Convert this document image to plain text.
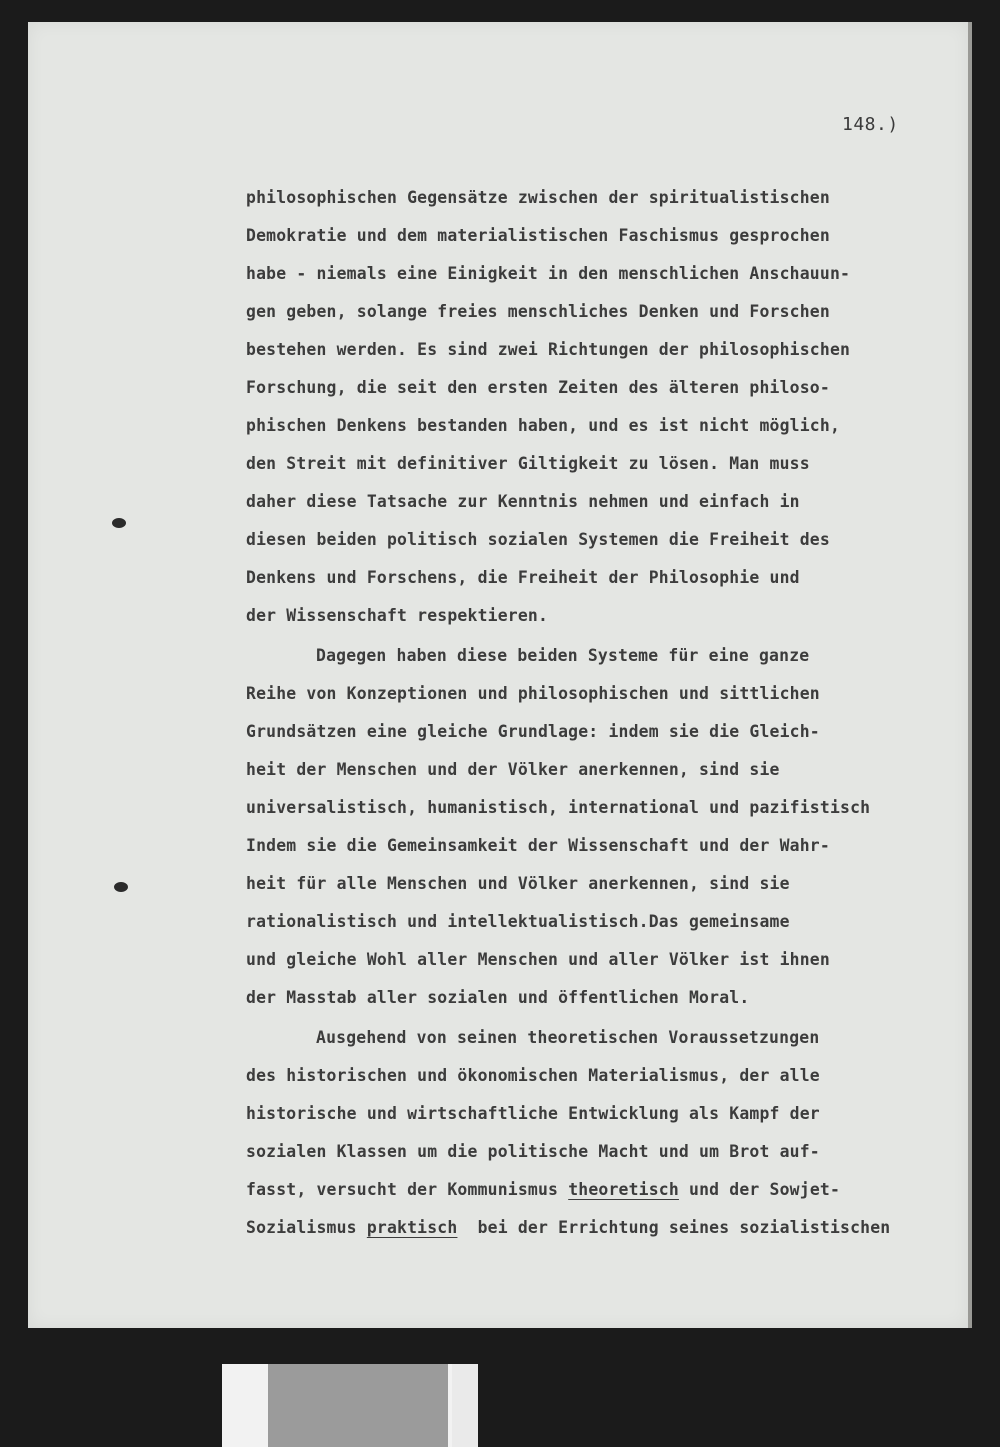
148.)
philosophischen Gegensätze zwischen der spiritualistischen
Demokratie und dem materialistischen Faschismus gesprochen
habe - niemals eine Einigkeit in den menschlichen Anschauun-
gen geben, solange freies menschliches Denken und Forschen
bestehen werden. Es sind zwei Richtungen der philosophischen
Forschung, die seit den ersten Zeiten des älteren philoso-
phischen Denkens bestanden haben, und es ist nicht möglich,
den Streit mit definitiver Giltigkeit zu lösen. Man muss
daher diese Tatsache zur Kenntnis nehmen und einfach in
diesen beiden politisch sozialen Systemen die Freiheit des
Denkens und Forschens, die Freiheit der Philosophie und
der Wissenschaft respektieren.
Dagegen haben diese beiden Systeme für eine ganze
Reihe von Konzeptionen und philosophischen und sittlichen
Grundsätzen eine gleiche Grundlage: indem sie die Gleich-
heit der Menschen und der Völker anerkennen, sind sie
universalistisch, humanistisch, international und pazifistisch
Indem sie die Gemeinsamkeit der Wissenschaft und der Wahr-
heit für alle Menschen und Völker anerkennen, sind sie
rationalistisch und intellektualistisch.Das gemeinsame
und gleiche Wohl aller Menschen und aller Völker ist ihnen
der Masstab aller sozialen und öffentlichen Moral.
Ausgehend von seinen theoretischen Voraussetzungen
des historischen und ökonomischen Materialismus, der alle
historische und wirtschaftliche Entwicklung als Kampf der
sozialen Klassen um die politische Macht und um Brot auf-
fasst, versucht der Kommunismus theoretisch und der Sowjet-
Sozialismus praktisch  bei der Errichtung seines sozialistischen
